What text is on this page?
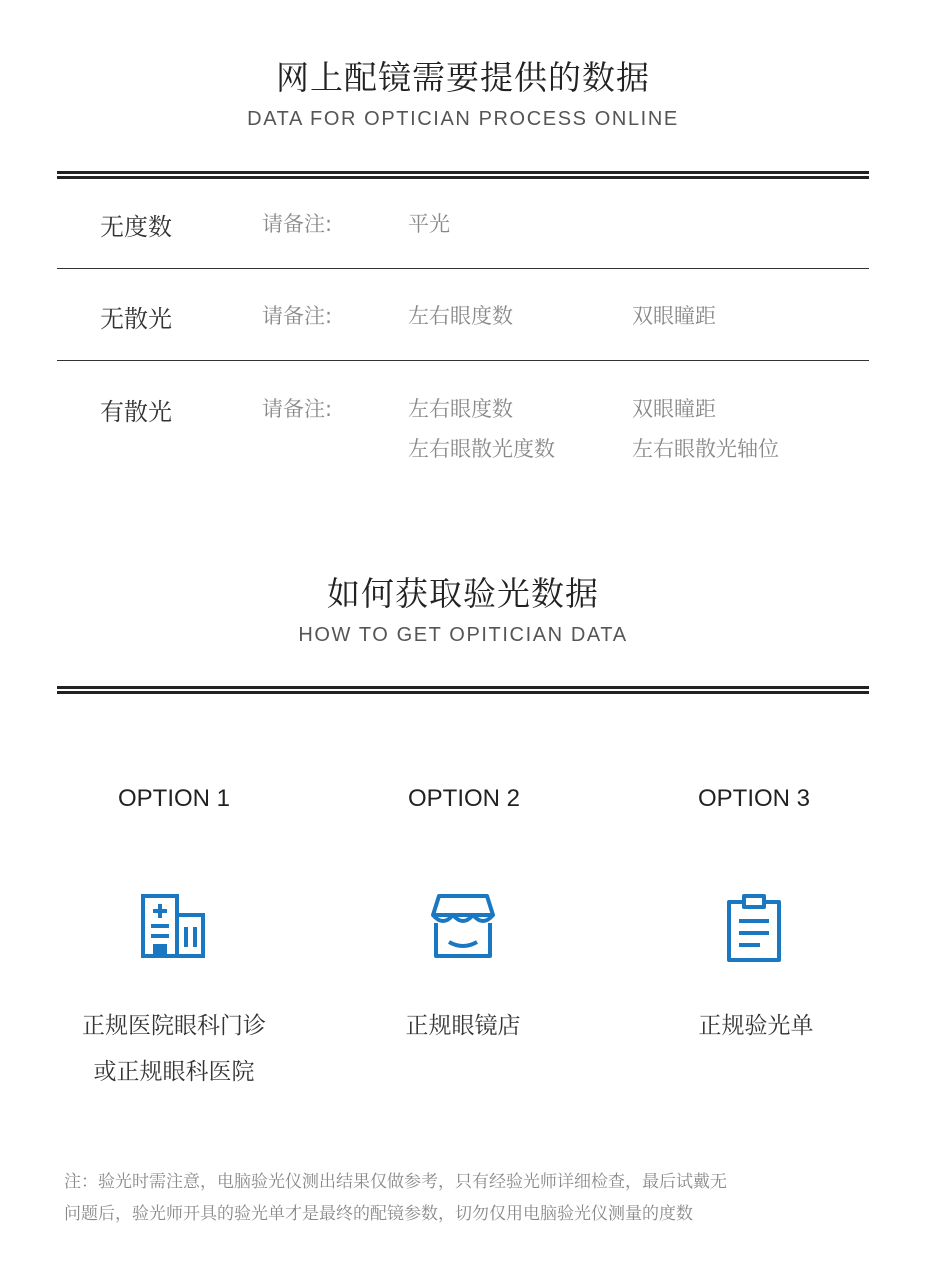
网上配镜需要提供的数据
DATA FOR OPTICIAN PROCESS ONLINE
无度数	请备注:	平光
无散光	请备注:	左右眼度数	双眼瞳距
有散光	请备注:	左右眼度数	双眼瞳距
左右眼散光度数	左右眼散光轴位
如何获取验光数据
HOW TO GET OPITICIAN DATA
OPTION 1	OPTION 2	OPTION 3
正规医院眼科门诊
或正规眼科医院
正规眼镜店	正规验光单
注：验光时需注意，电脑验光仪测出结果仅做参考，只有经验光师详细检查，最后试戴无
问题后，验光师开具的验光单才是最终的配镜参数，切勿仅用电脑验光仪测量的度数
